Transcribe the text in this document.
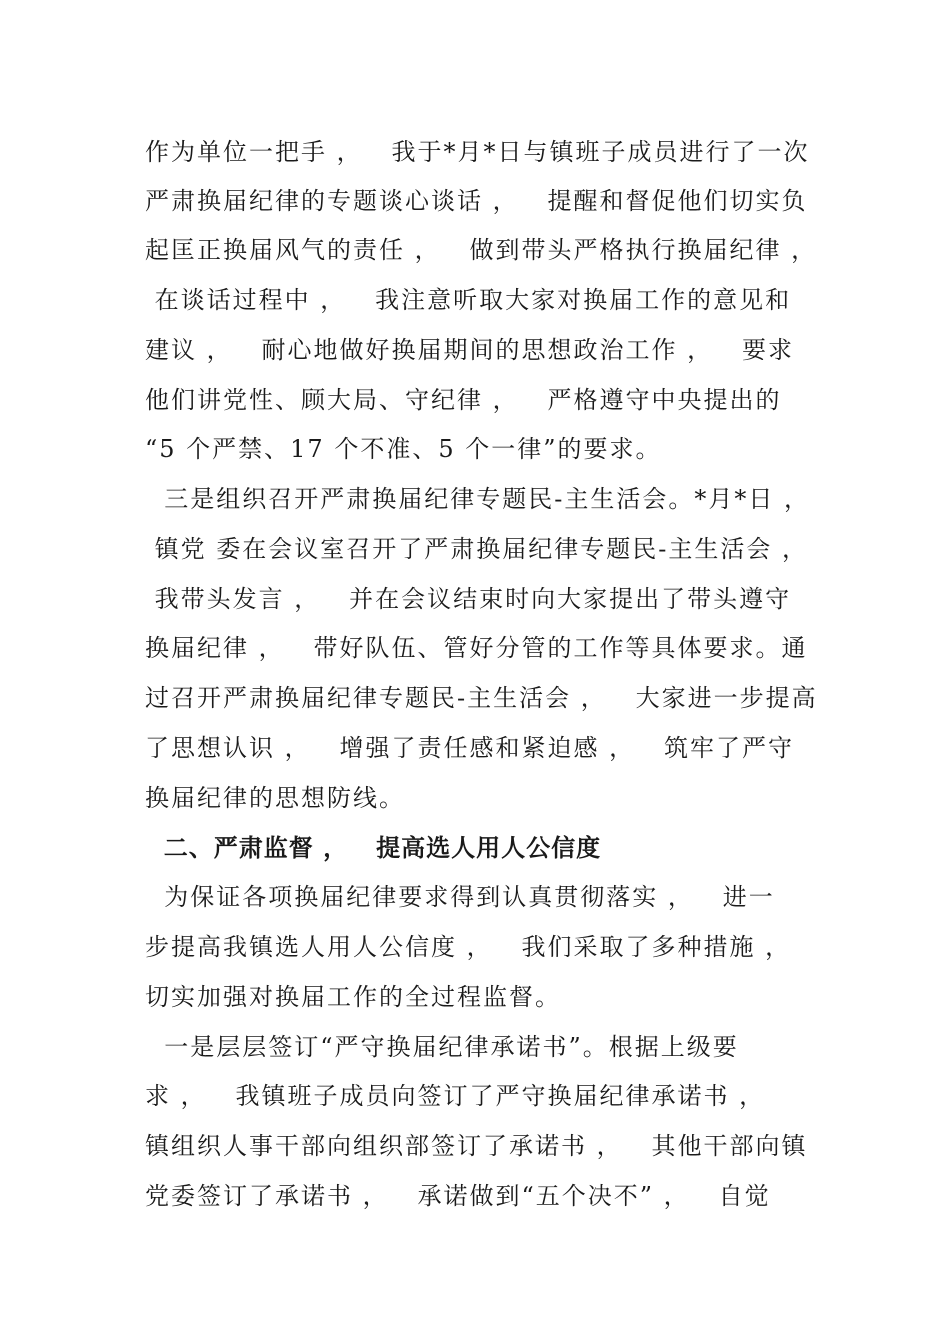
作为单位一把手 ，   我于*月*日与镇班子成员进行了一次
严肃换届纪律的专题谈心谈话 ，   提醒和督促他们切实负
起匡正换届风气的责任 ，   做到带头严格执行换届纪律 ，
在谈话过程中 ，   我注意听取大家对换届工作的意见和
建议 ，   耐心地做好换届期间的思想政治工作 ，   要求
他们讲党性、顾大局、守纪律 ，   严格遵守中央提出的
“5 个严禁、17 个不准、5 个一律”的要求。
三是组织召开严肃换届纪律专题民-主生活会。*月*日 ，
镇党 委在会议室召开了严肃换届纪律专题民-主生活会 ，
我带头发言 ，   并在会议结束时向大家提出了带头遵守
换届纪律 ，   带好队伍、管好分管的工作等具体要求。通
过召开严肃换届纪律专题民-主生活会 ，   大家进一步提高
了思想认识 ，   增强了责任感和紧迫感 ，   筑牢了严守
换届纪律的思想防线。
二、严肃监督 ，   提高选人用人公信度
为保证各项换届纪律要求得到认真贯彻落实 ，   进一
步提高我镇选人用人公信度 ，   我们采取了多种措施 ，
切实加强对换届工作的全过程监督。
一是层层签订“严守换届纪律承诺书”。根据上级要
求 ，   我镇班子成员向签订了严守换届纪律承诺书 ，
镇组织人事干部向组织部签订了承诺书 ，   其他干部向镇
党委签订了承诺书 ，   承诺做到“五个决不” ，   自觉
